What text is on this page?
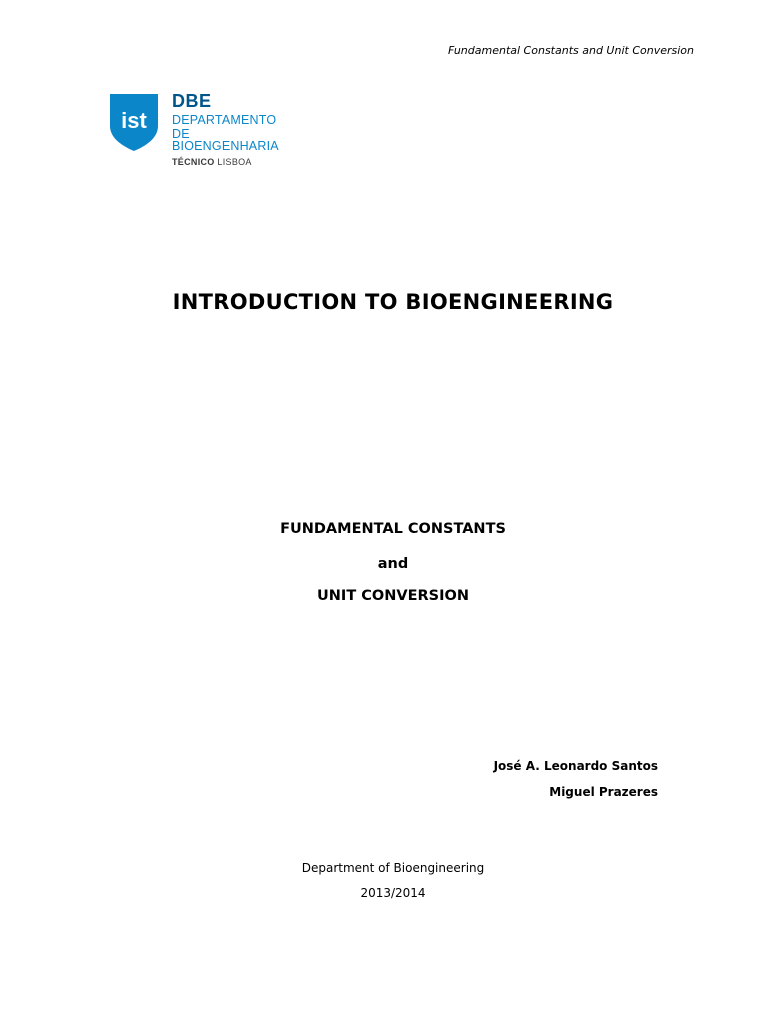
Fundamental Constants and Unit Conversion
ist
DBE
DEPARTAMENTO
DE BIOENGENHARIA
TÉCNICO LISBOA
INTRODUCTION TO BIOENGINEERING
FUNDAMENTAL CONSTANTS
and
UNIT CONVERSION
José A. Leonardo Santos
Miguel Prazeres
Department of Bioengineering
2013/2014
